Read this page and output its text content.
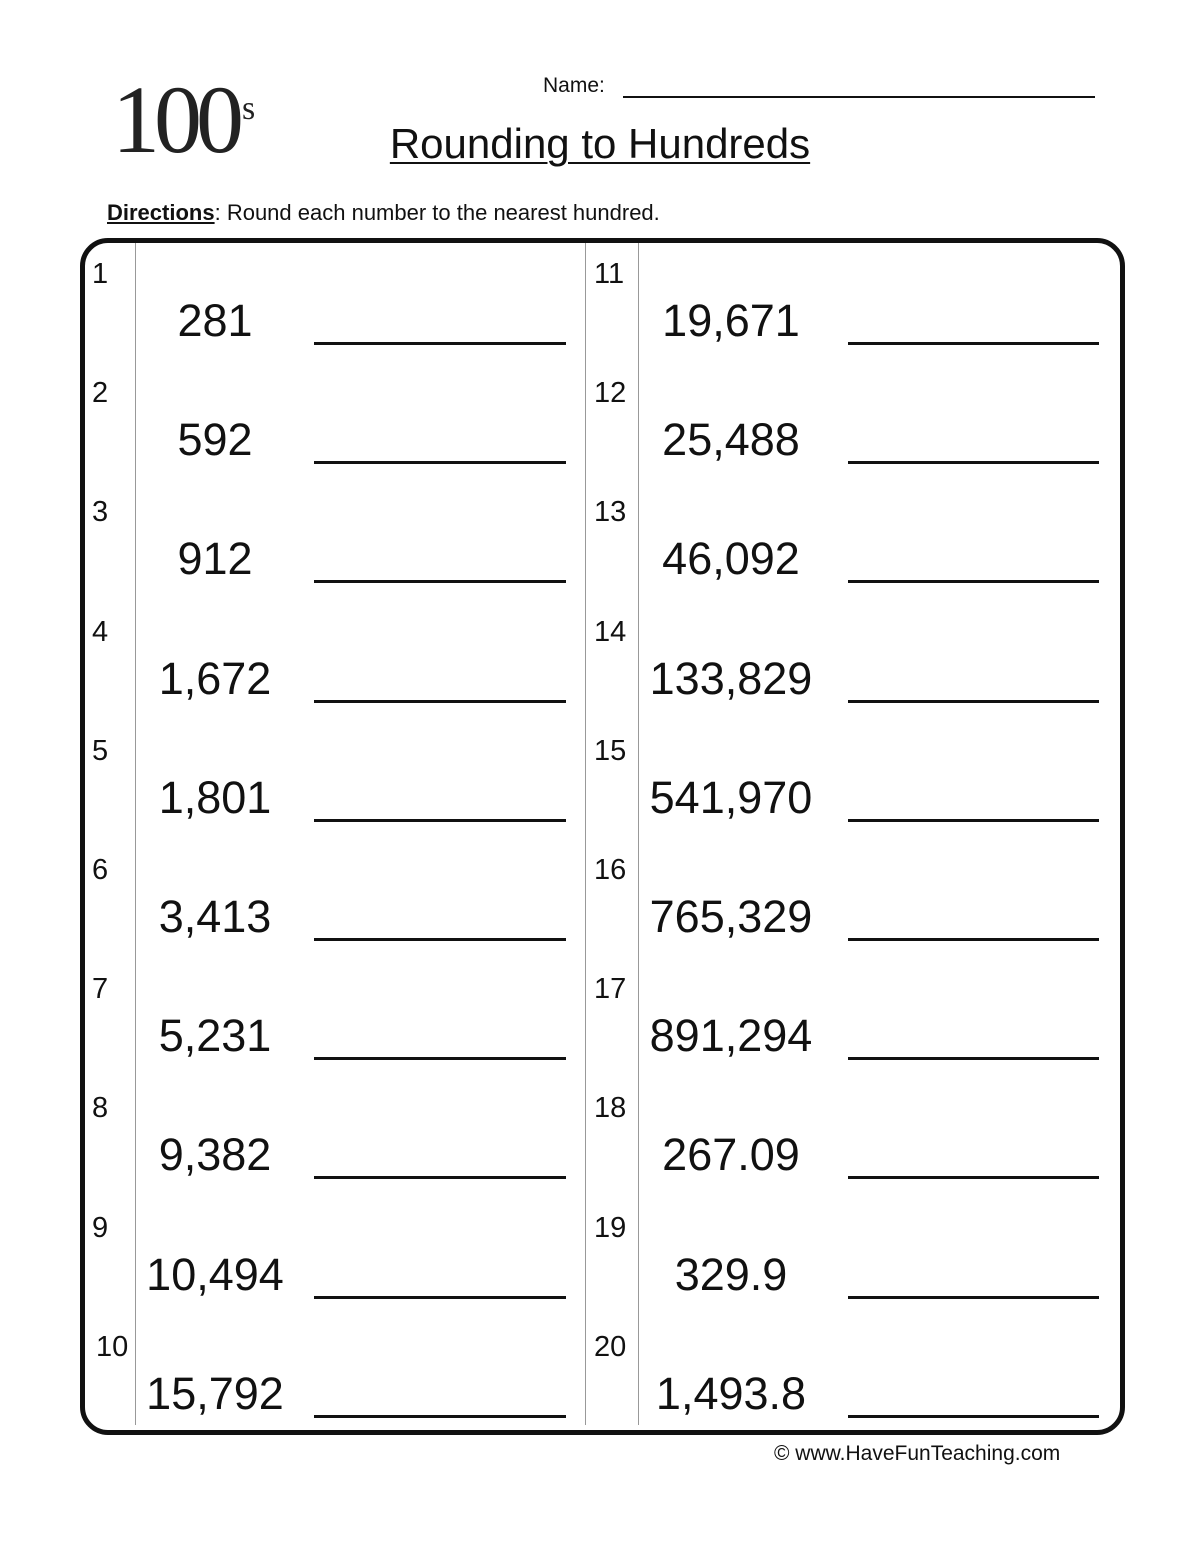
100 s
Name:
Rounding to Hundreds
Directions: Round each number to the nearest hundred.
1
281
2
592
3
912
4
1,672
5
1,801
6
3,413
7
5,231
8
9,382
9
10,494
10
15,792
11
19,671
12
25,488
13
46,092
14
133,829
15
541,970
16
765,329
17
891,294
18
267.09
19
329.9
20
1,493.8
© www.HaveFunTeaching.com
